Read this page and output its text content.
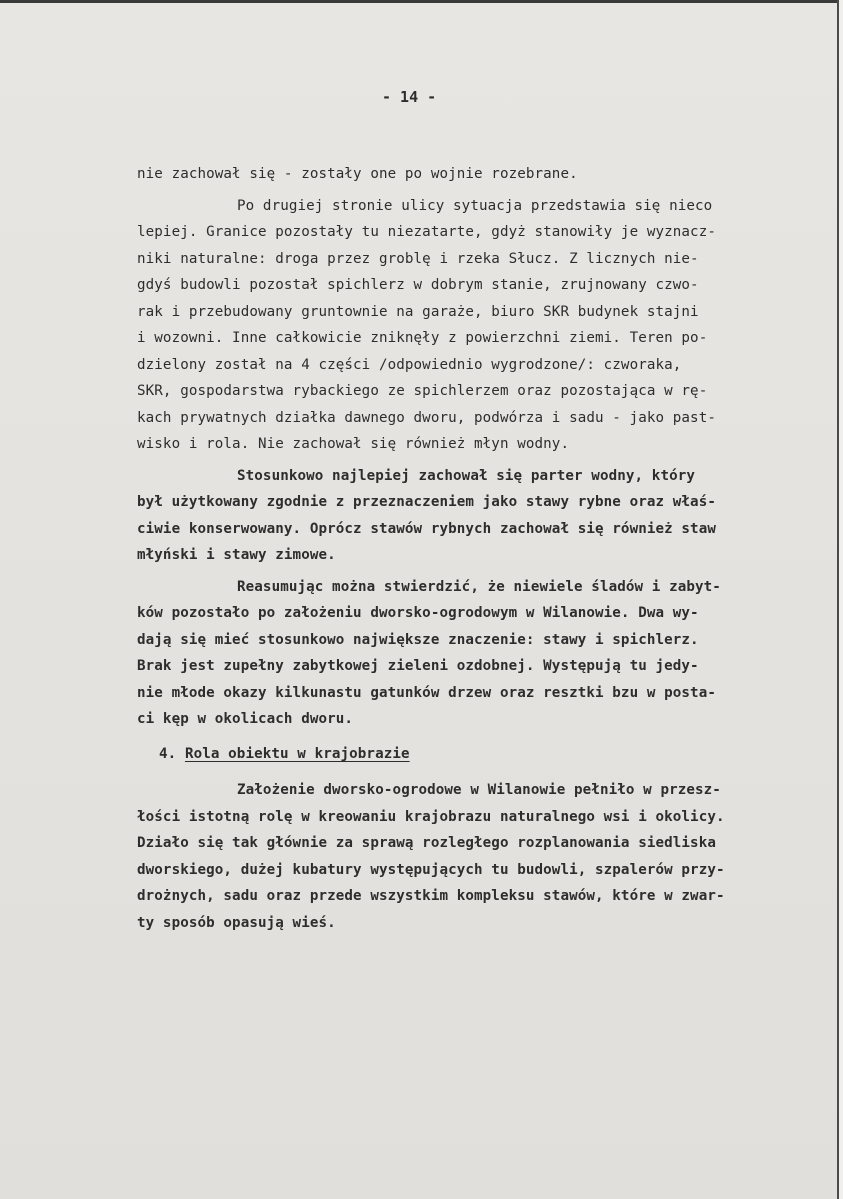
- 14 -
nie zachował się - zostały one po wojnie rozebrane.
Po drugiej stronie ulicy sytuacja przedstawia się nieco
lepiej. Granice pozostały tu niezatarte, gdyż stanowiły je wyznacz-
niki naturalne: droga przez groblę i rzeka Słucz. Z licznych nie-
gdyś budowli pozostał spichlerz w dobrym stanie, zrujnowany czwo-
rak i przebudowany gruntownie na garaże, biuro SKR budynek stajni
i wozowni. Inne całkowicie zniknęły z powierzchni ziemi. Teren po-
dzielony został na 4 części /odpowiednio wygrodzone/: czworaka,
SKR, gospodarstwa rybackiego ze spichlerzem oraz pozostająca w rę-
kach prywatnych działka dawnego dworu, podwórza i sadu - jako past-
wisko i rola. Nie zachował się również młyn wodny.
Stosunkowo najlepiej zachował się parter wodny, który
był użytkowany zgodnie z przeznaczeniem jako stawy rybne oraz właś-
ciwie konserwowany. Oprócz stawów rybnych zachował się również staw
młyński i stawy zimowe.
Reasumując można stwierdzić, że niewiele śladów i zabyt-
ków pozostało po założeniu dworsko-ogrodowym w Wilanowie. Dwa wy-
dają się mieć stosunkowo największe znaczenie: stawy i spichlerz.
Brak jest zupełny zabytkowej zieleni ozdobnej. Występują tu jedy-
nie młode okazy kilkunastu gatunków drzew oraz resztki bzu w posta-
ci kęp w okolicach dworu.
4. Rola obiektu w krajobrazie
Założenie dworsko-ogrodowe w Wilanowie pełniło w przesz-
łości istotną rolę w kreowaniu krajobrazu naturalnego wsi i okolicy.
Działo się tak głównie za sprawą rozległego rozplanowania siedliska
dworskiego, dużej kubatury występujących tu budowli, szpalerów przy-
drożnych, sadu oraz przede wszystkim kompleksu stawów, które w zwar-
ty sposób opasują wieś.
